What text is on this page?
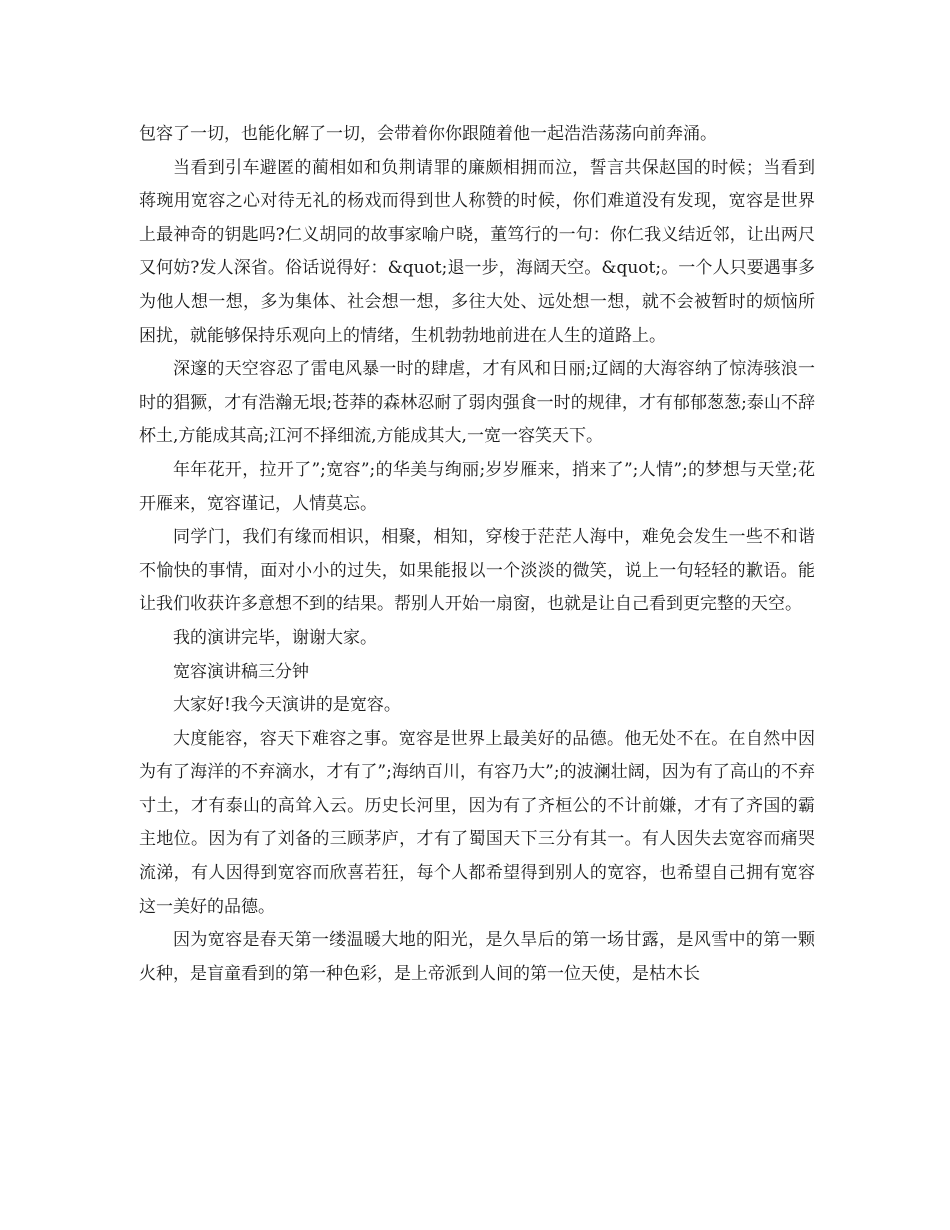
包容了一切，也能化解了一切，会带着你你跟随着他一起浩浩荡荡向前奔涌。

当看到引车避匿的蔺相如和负荆请罪的廉颇相拥而泣，誓言共保赵国的时候；当看到蒋琬用宽容之心对待无礼的杨戏而得到世人称赞的时候，你们难道没有发现，宽容是世界上最神奇的钥匙吗?仁义胡同的故事家喻户晓，董笃行的一句：你仁我义结近邻，让出两尺又何妨?发人深省。俗话说得好：&quot;退一步，海阔天空。&quot;。一个人只要遇事多为他人想一想，多为集体、社会想一想，多往大处、远处想一想，就不会被暂时的烦恼所困扰，就能够保持乐观向上的情绪，生机勃勃地前进在人生的道路上。

深邃的天空容忍了雷电风暴一时的肆虐，才有风和日丽;辽阔的大海容纳了惊涛骇浪一时的猖獗，才有浩瀚无垠;苍莽的森林忍耐了弱肉强食一时的规律，才有郁郁葱葱;泰山不辞杯土,方能成其高;江河不择细流,方能成其大,一宽一容笑天下。

年年花开，拉开了”;宽容”;的华美与绚丽;岁岁雁来，捎来了”;人情”;的梦想与天堂;花开雁来，宽容谨记，人情莫忘。

同学门，我们有缘而相识，相聚，相知，穿梭于茫茫人海中，难免会发生一些不和谐不愉快的事情，面对小小的过失，如果能报以一个淡淡的微笑，说上一句轻轻的歉语。能让我们收获许多意想不到的结果。帮别人开始一扇窗，也就是让自己看到更完整的天空。

我的演讲完毕，谢谢大家。

宽容演讲稿三分钟

大家好!我今天演讲的是宽容。

大度能容，容天下难容之事。宽容是世界上最美好的品德。他无处不在。在自然中因为有了海洋的不弃滴水，才有了”;海纳百川，有容乃大”;的波澜壮阔，因为有了高山的不弃寸土，才有泰山的高耸入云。历史长河里，因为有了齐桓公的不计前嫌，才有了齐国的霸主地位。因为有了刘备的三顾茅庐，才有了蜀国天下三分有其一。有人因失去宽容而痛哭流涕，有人因得到宽容而欣喜若狂，每个人都希望得到别人的宽容，也希望自己拥有宽容这一美好的品德。

因为宽容是春天第一缕温暖大地的阳光，是久旱后的第一场甘露，是风雪中的第一颗火种，是盲童看到的第一种色彩，是上帝派到人间的第一位天使，是枯木长
